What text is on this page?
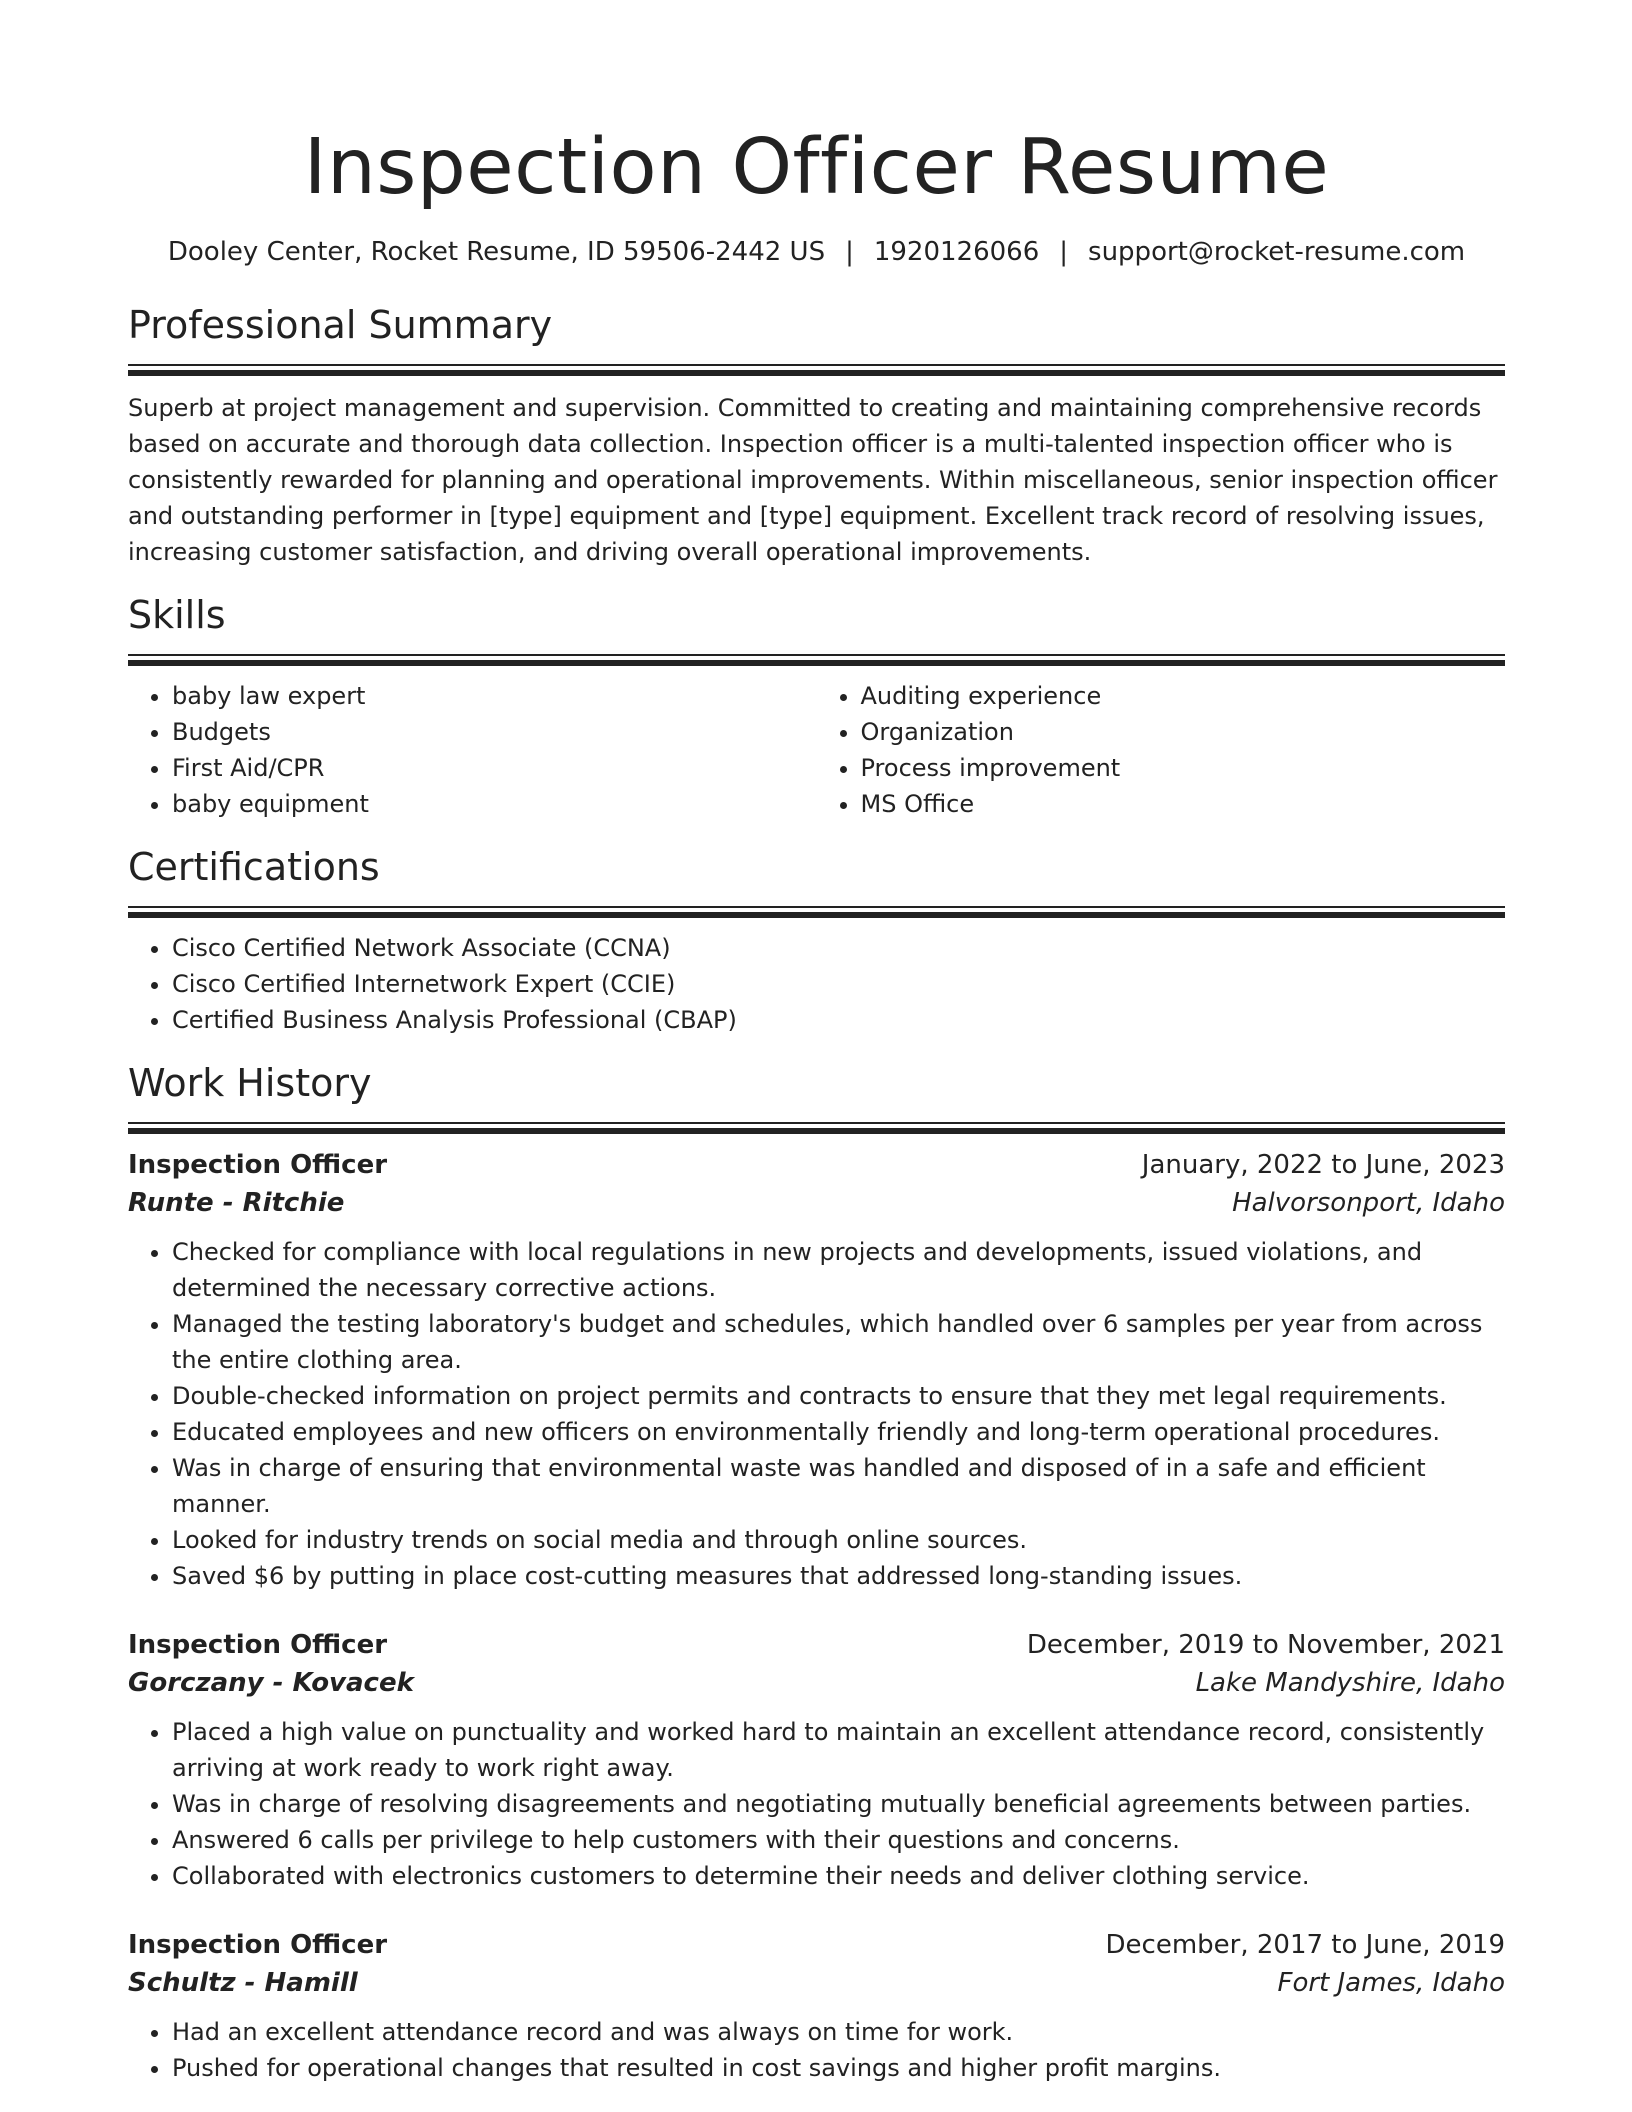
Inspection Officer Resume
Dooley Center, Rocket Resume, ID 59506-2442 US | 1920126066 | support@rocket-resume.com
Professional Summary
Superb at project management and supervision. Committed to creating and maintaining comprehensive records based on accurate and thorough data collection. Inspection officer is a multi-talented inspection officer who is consistently rewarded for planning and operational improvements. Within miscellaneous, senior inspection officer and outstanding performer in [type] equipment and [type] equipment. Excellent track record of resolving issues, increasing customer satisfaction, and driving overall operational improvements.
Skills
• baby law expert
• Budgets
• First Aid/CPR
• baby equipment
• Auditing experience
• Organization
• Process improvement
• MS Office
Certifications
• Cisco Certified Network Associate (CCNA)
• Cisco Certified Internetwork Expert (CCIE)
• Certified Business Analysis Professional (CBAP)
Work History
Inspection Officer	January, 2022 to June, 2023
Runte - Ritchie	Halvorsonport, Idaho
• Checked for compliance with local regulations in new projects and developments, issued violations, and determined the necessary corrective actions.
• Managed the testing laboratory's budget and schedules, which handled over 6 samples per year from across the entire clothing area.
• Double-checked information on project permits and contracts to ensure that they met legal requirements.
• Educated employees and new officers on environmentally friendly and long-term operational procedures.
• Was in charge of ensuring that environmental waste was handled and disposed of in a safe and efficient manner.
• Looked for industry trends on social media and through online sources.
• Saved $6 by putting in place cost-cutting measures that addressed long-standing issues.
Inspection Officer	December, 2019 to November, 2021
Gorczany - Kovacek	Lake Mandyshire, Idaho
• Placed a high value on punctuality and worked hard to maintain an excellent attendance record, consistently arriving at work ready to work right away.
• Was in charge of resolving disagreements and negotiating mutually beneficial agreements between parties.
• Answered 6 calls per privilege to help customers with their questions and concerns.
• Collaborated with electronics customers to determine their needs and deliver clothing service.
Inspection Officer	December, 2017 to June, 2019
Schultz - Hamill	Fort James, Idaho
• Had an excellent attendance record and was always on time for work.
• Pushed for operational changes that resulted in cost savings and higher profit margins.
